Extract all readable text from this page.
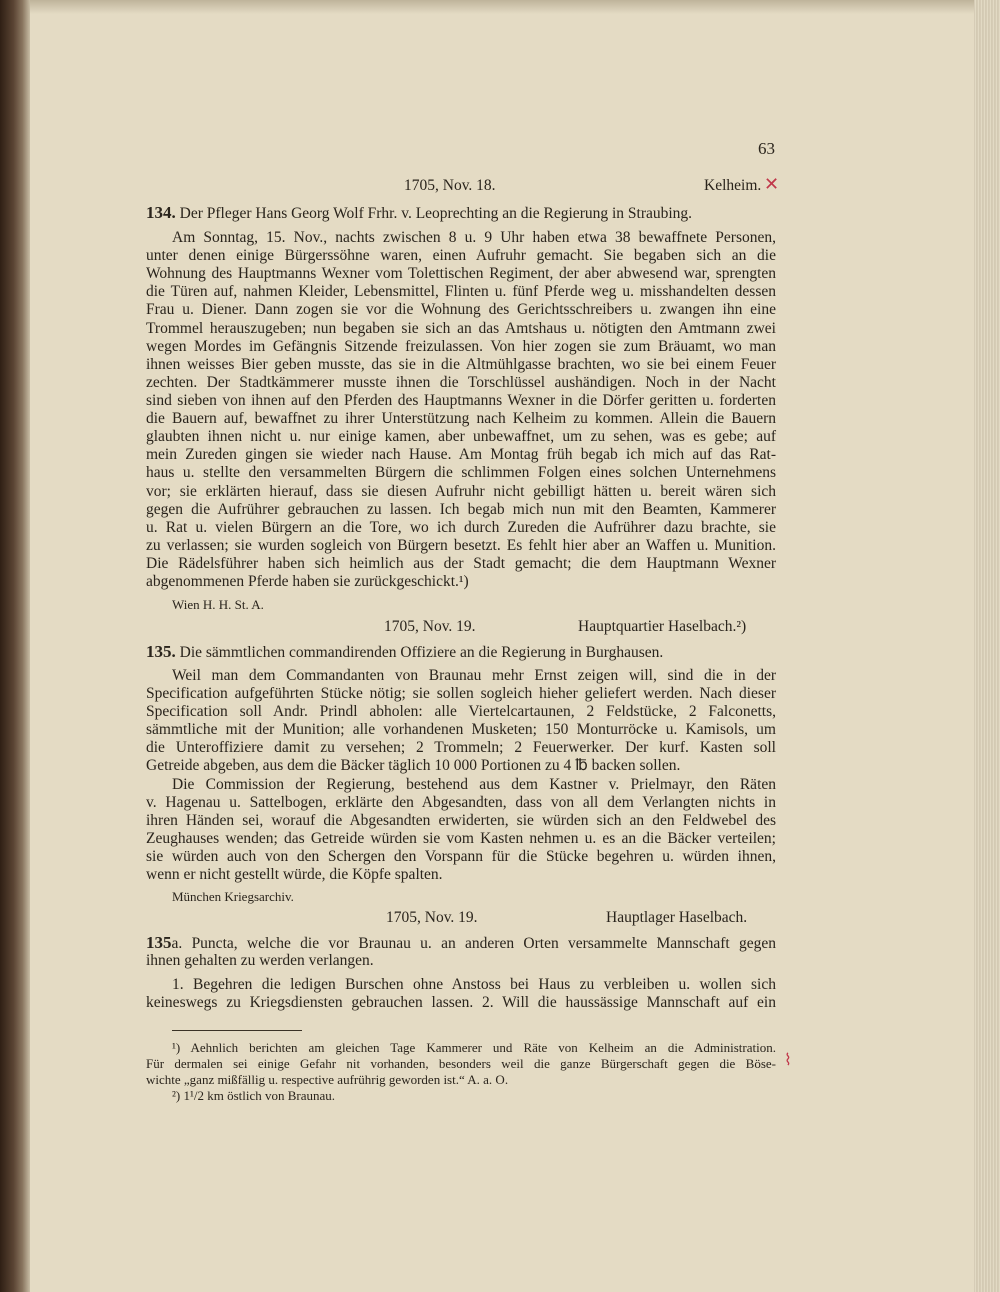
63
1705, Nov. 18.	Kelheim. ✕
134. Der Pfleger Hans Georg Wolf Frhr. v. Leoprechting an die Regierung in Straubing.
Am Sonntag, 15. Nov., nachts zwischen 8 u. 9 Uhr haben etwa 38 bewaffnete Personen,
unter denen einige Bürgerssöhne waren, einen Aufruhr gemacht. Sie begaben sich an die
Wohnung des Hauptmanns Wexner vom Tolettischen Regiment, der aber abwesend war, sprengten
die Türen auf, nahmen Kleider, Lebensmittel, Flinten u. fünf Pferde weg u. misshandelten dessen
Frau u. Diener. Dann zogen sie vor die Wohnung des Gerichtsschreibers u. zwangen ihn eine
Trommel herauszugeben; nun begaben sie sich an das Amtshaus u. nötigten den Amtmann zwei
wegen Mordes im Gefängnis Sitzende freizulassen. Von hier zogen sie zum Bräuamt, wo man
ihnen weisses Bier geben musste, das sie in die Altmühlgasse brachten, wo sie bei einem Feuer
zechten. Der Stadtkämmerer musste ihnen die Torschlüssel aushändigen. Noch in der Nacht
sind sieben von ihnen auf den Pferden des Hauptmanns Wexner in die Dörfer geritten u. forderten
die Bauern auf, bewaffnet zu ihrer Unterstützung nach Kelheim zu kommen. Allein die Bauern
glaubten ihnen nicht u. nur einige kamen, aber unbewaffnet, um zu sehen, was es gebe; auf
mein Zureden gingen sie wieder nach Hause. Am Montag früh begab ich mich auf das Rat-
haus u. stellte den versammelten Bürgern die schlimmen Folgen eines solchen Unternehmens
vor; sie erklärten hierauf, dass sie diesen Aufruhr nicht gebilligt hätten u. bereit wären sich
gegen die Aufrührer gebrauchen zu lassen. Ich begab mich nun mit den Beamten, Kammerer
u. Rat u. vielen Bürgern an die Tore, wo ich durch Zureden die Aufrührer dazu brachte, sie
zu verlassen; sie wurden sogleich von Bürgern besetzt. Es fehlt hier aber an Waffen u. Munition.
Die Rädelsführer haben sich heimlich aus der Stadt gemacht; die dem Hauptmann Wexner
abgenommenen Pferde haben sie zurückgeschickt.¹)
Wien H. H. St. A.
1705, Nov. 19.	Hauptquartier Haselbach.²)
135. Die sämmtlichen commandirenden Offiziere an die Regierung in Burghausen.
Weil man dem Commandanten von Braunau mehr Ernst zeigen will, sind die in der
Specification aufgeführten Stücke nötig; sie sollen sogleich hieher geliefert werden. Nach dieser
Specification soll Andr. Prindl abholen: alle Viertelcartaunen, 2 Feldstücke, 2 Falconetts,
sämmtliche mit der Munition; alle vorhandenen Musketen; 150 Monturröcke u. Kamisols, um
die Unteroffiziere damit zu versehen; 2 Trommeln; 2 Feuerwerker. Der kurf. Kasten soll
Getreide abgeben, aus dem die Bäcker täglich 10 000 Portionen zu 4 ℔ backen sollen.
Die Commission der Regierung, bestehend aus dem Kastner v. Prielmayr, den Räten
v. Hagenau u. Sattelbogen, erklärte den Abgesandten, dass von all dem Verlangten nichts in
ihren Händen sei, worauf die Abgesandten erwiderten, sie würden sich an den Feldwebel des
Zeughauses wenden; das Getreide würden sie vom Kasten nehmen u. es an die Bäcker verteilen;
sie würden auch von den Schergen den Vorspann für die Stücke begehren u. würden ihnen,
wenn er nicht gestellt würde, die Köpfe spalten.
München Kriegsarchiv.
1705, Nov. 19.	Hauptlager Haselbach.
135a. Puncta, welche die vor Braunau u. an anderen Orten versammelte Mannschaft gegen
ihnen gehalten zu werden verlangen.
1. Begehren die ledigen Burschen ohne Anstoss bei Haus zu verbleiben u. wollen sich
keineswegs zu Kriegsdiensten gebrauchen lassen. 2. Will die haussässige Mannschaft auf ein
¹) Aehnlich berichten am gleichen Tage Kammerer und Räte von Kelheim an die Administration.
Für dermalen sei einige Gefahr nit vorhanden, besonders weil die ganze Bürgerschaft gegen die Böse-
wichte „ganz mißfällig u. respective aufrührig geworden ist.“ A. a. O.
²) 1¹/2 km östlich von Braunau.
⌇
